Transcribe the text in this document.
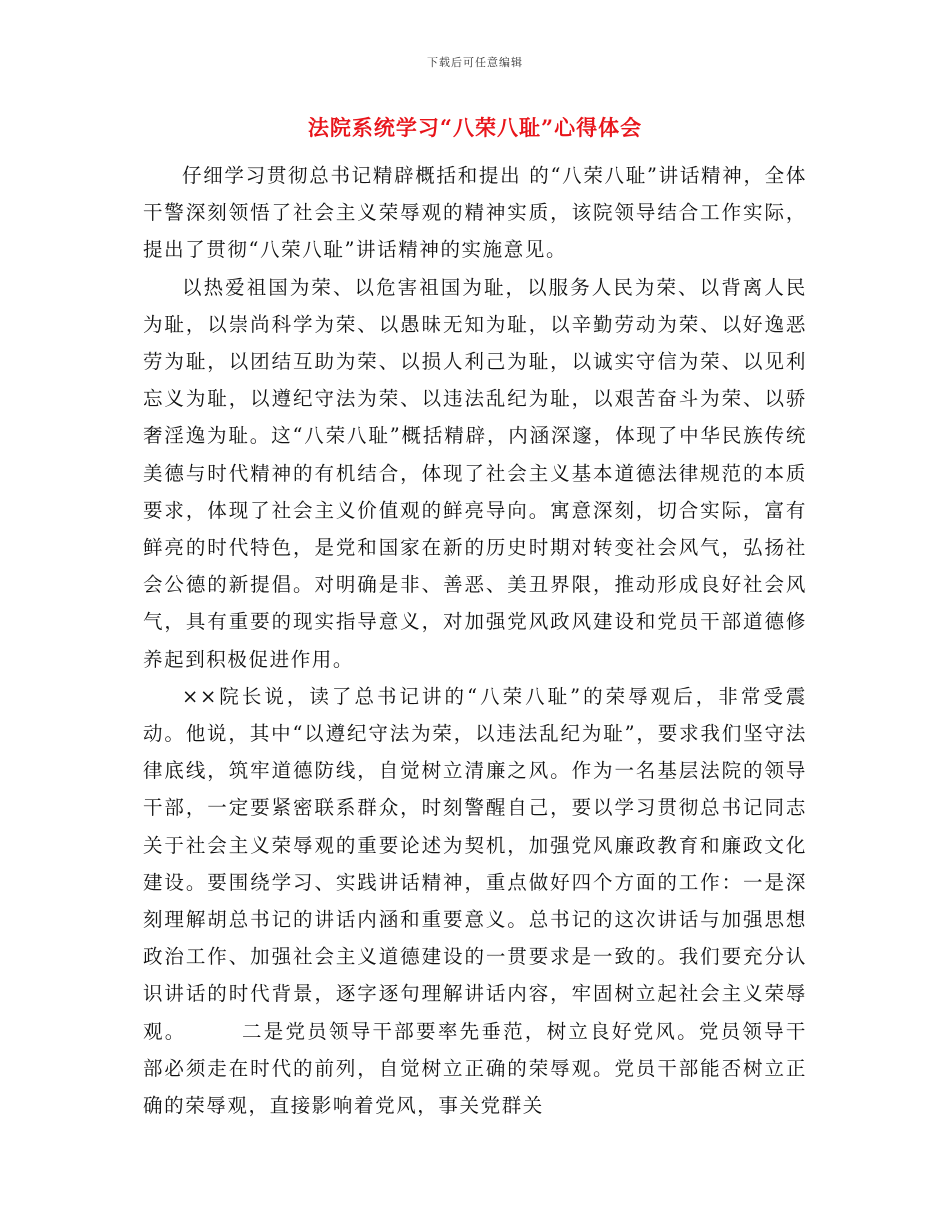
下载后可任意编辑
法院系统学习“八荣八耻”心得体会

仔细学习贯彻总书记精辟概括和提出 的“八荣八耻”讲话精神，全体干警深刻领悟了社会主义荣辱观的精神实质，该院领导结合工作实际，提出了贯彻“八荣八耻”讲话精神的实施意见。

以热爱祖国为荣、以危害祖国为耻，以服务人民为荣、以背离人民为耻，以崇尚科学为荣、以愚昧无知为耻，以辛勤劳动为荣、以好逸恶劳为耻，以团结互助为荣、以损人利己为耻，以诚实守信为荣、以见利忘义为耻，以遵纪守法为荣、以违法乱纪为耻，以艰苦奋斗为荣、以骄奢淫逸为耻。这“八荣八耻”概括精辟，内涵深邃，体现了中华民族传统美德与时代精神的有机结合，体现了社会主义基本道德法律规范的本质要求，体现了社会主义价值观的鲜亮导向。寓意深刻，切合实际，富有鲜亮的时代特色，是党和国家在新的历史时期对转变社会风气，弘扬社会公德的新提倡。对明确是非、善恶、美丑界限，推动形成良好社会风气，具有重要的现实指导意义，对加强党风政风建设和党员干部道德修养起到积极促进作用。

××院长说，读了总书记讲的“八荣八耻”的荣辱观后，非常受震动。他说，其中“以遵纪守法为荣，以违法乱纪为耻”，要求我们坚守法律底线，筑牢道德防线，自觉树立清廉之风。作为一名基层法院的领导干部，一定要紧密联系群众，时刻警醒自己，要以学习贯彻总书记同志关于社会主义荣辱观的重要论述为契机，加强党风廉政教育和廉政文化建设。要围绕学习、实践讲话精神，重点做好四个方面的工作：一是深刻理解胡总书记的讲话内涵和重要意义。总书记的这次讲话与加强思想政治工作、加强社会主义道德建设的一贯要求是一致的。我们要充分认识讲话的时代背景，逐字逐句理解讲话内容，牢固树立起社会主义荣辱观。　　　二是党员领导干部要率先垂范，树立良好党风。党员领导干部必须走在时代的前列，自觉树立正确的荣辱观。党员干部能否树立正确的荣辱观，直接影响着党风，事关党群关
